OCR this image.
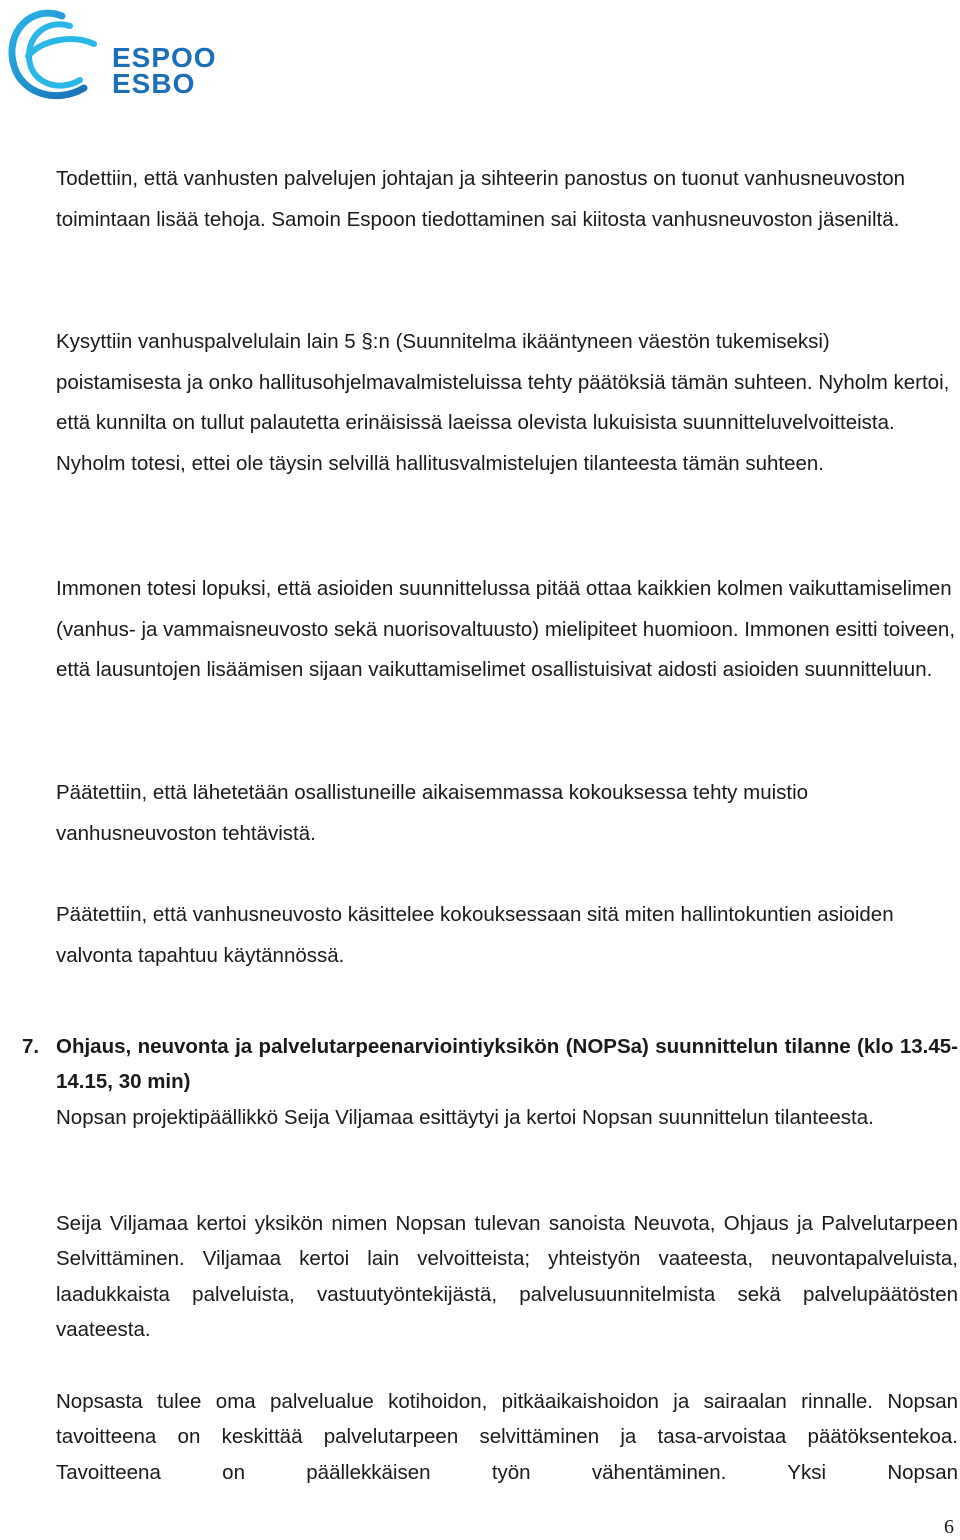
ESPOO
ESBO

Todettiin, että vanhusten palvelujen johtajan ja sihteerin panostus on tuonut vanhusneuvoston toimintaan lisää tehoja. Samoin Espoon tiedottaminen sai kiitosta vanhusneuvoston jäseniltä.

Kysyttiin vanhuspalvelulain lain 5 §:n (Suunnitelma ikääntyneen väestön tukemiseksi) poistamisesta ja onko hallitusohjelmavalmisteluissa tehty päätöksiä tämän suhteen. Nyholm kertoi, että kunnilta on tullut palautetta erinäisissä laeissa olevista lukuisista suunnitteluvelvoitteista. Nyholm totesi, ettei ole täysin selvillä hallitusvalmistelujen tilanteesta tämän suhteen.

Immonen totesi lopuksi, että asioiden suunnittelussa pitää ottaa kaikkien kolmen vaikuttamiselimen (vanhus- ja vammaisneuvosto sekä nuorisovaltuusto) mielipiteet huomioon. Immonen esitti toiveen, että lausuntojen lisäämisen sijaan vaikuttamiselimet osallistuisivat aidosti asioiden suunnitteluun.

Päätettiin, että lähetetään osallistuneille aikaisemmassa kokouksessa tehty muistio vanhusneuvoston tehtävistä.

Päätettiin, että vanhusneuvosto käsittelee kokouksessaan sitä miten hallintokuntien asioiden valvonta tapahtuu käytännössä.

7. Ohjaus, neuvonta ja palvelutarpeenarviointiyksikön (NOPSa) suunnittelun tilanne (klo 13.45-14.15, 30 min)

Nopsan projektipäällikkö Seija Viljamaa esittäytyi ja kertoi Nopsan suunnittelun tilanteesta.

Seija Viljamaa kertoi yksikön nimen Nopsan tulevan sanoista Neuvota, Ohjaus ja Palvelutarpeen Selvittäminen. Viljamaa kertoi lain velvoitteista; yhteistyön vaateesta, neuvontapalveluista, laadukkaista palveluista, vastuutyöntekijästä, palvelusuunnitelmista sekä palvelupäätösten vaateesta.

Nopsasta tulee oma palvelualue kotihoidon, pitkäaikaishoidon ja sairaalan rinnalle. Nopsan tavoitteena on keskittää palvelutarpeen selvittäminen ja tasa-arvoistaa päätöksentekoa. Tavoitteena on päällekkäisen työn vähentäminen. Yksi Nopsan

6
